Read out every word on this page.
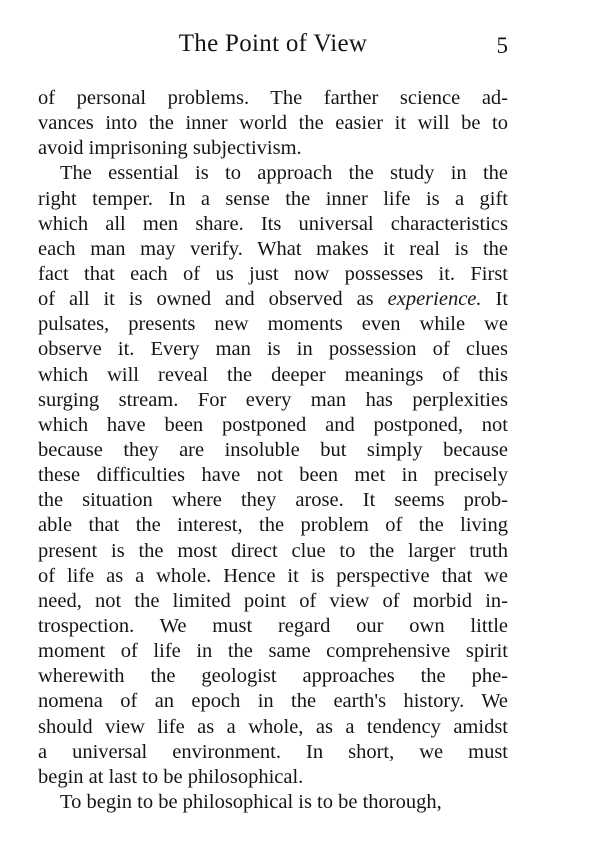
The Point of View	5
of personal problems. The farther science ad-
vances into the inner world the easier it will be to
avoid imprisoning subjectivism.
The essential is to approach the study in the
right temper. In a sense the inner life is a gift
which all men share. Its universal characteristics
each man may verify. What makes it real is the
fact that each of us just now possesses it. First
of all it is owned and observed as experience. It
pulsates, presents new moments even while we
observe it. Every man is in possession of clues
which will reveal the deeper meanings of this
surging stream. For every man has perplexities
which have been postponed and postponed, not
because they are insoluble but simply because
these difficulties have not been met in precisely
the situation where they arose. It seems prob-
able that the interest, the problem of the living
present is the most direct clue to the larger truth
of life as a whole. Hence it is perspective that we
need, not the limited point of view of morbid in-
trospection. We must regard our own little
moment of life in the same comprehensive spirit
wherewith the geologist approaches the phe-
nomena of an epoch in the earth's history. We
should view life as a whole, as a tendency amidst
a universal environment. In short, we must
begin at last to be philosophical.
To begin to be philosophical is to be thorough,
